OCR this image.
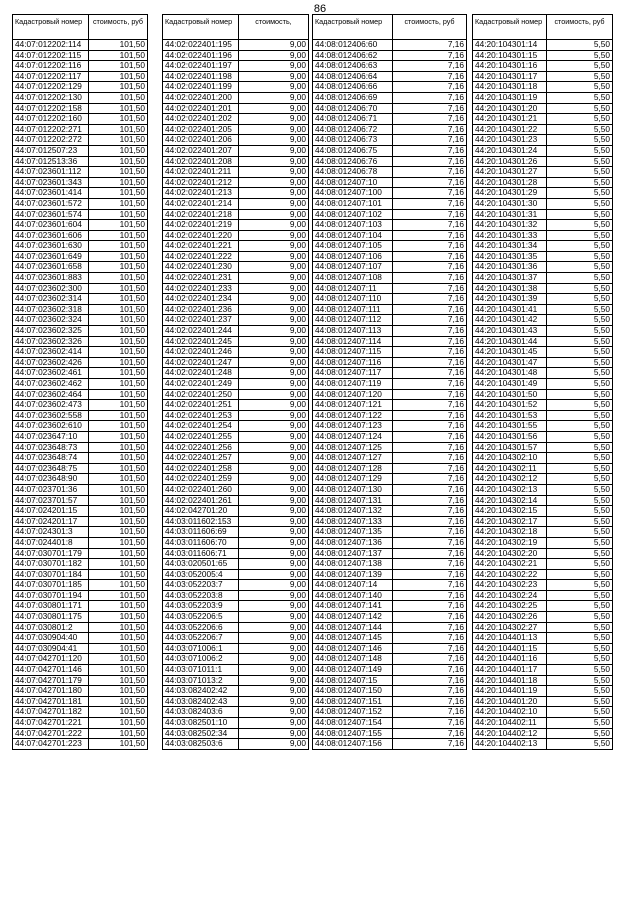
86
Кадастровый номер	стоимость, руб
44:07:012202:114	101,50
44:07:012202:115	101,50
44:07:012202:116	101,50
44:07:012202:117	101,50
44:07:012202:129	101,50
44:07:012202:130	101,50
44:07:012202:158	101,50
44:07:012202:160	101,50
44:07:012202:271	101,50
44:07:012202:272	101,50
44:07:012507:23	101,50
44:07:012513:36	101,50
44:07:023601:112	101,50
44:07:023601:343	101,50
44:07:023601:414	101,50
44:07:023601:572	101,50
44:07:023601:574	101,50
44:07:023601:604	101,50
44:07:023601:606	101,50
44:07:023601:630	101,50
44:07:023601:649	101,50
44:07:023601:658	101,50
44:07:023601:883	101,50
44:07:023602:300	101,50
44:07:023602:314	101,50
44:07:023602:318	101,50
44:07:023602:324	101,50
44:07:023602:325	101,50
44:07:023602:326	101,50
44:07:023602:414	101,50
44:07:023602:426	101,50
44:07:023602:461	101,50
44:07:023602:462	101,50
44:07:023602:464	101,50
44:07:023602:473	101,50
44:07:023602:558	101,50
44:07:023602:610	101,50
44:07:023647:10	101,50
44:07:023648:73	101,50
44:07:023648:74	101,50
44:07:023648:75	101,50
44:07:023648:90	101,50
44:07:023701:36	101,50
44:07:023701:57	101,50
44:07:024201:15	101,50
44:07:024201:17	101,50
44:07:024301:3	101,50
44:07:024401:8	101,50
44:07:030701:179	101,50
44:07:030701:182	101,50
44:07:030701:184	101,50
44:07:030701:185	101,50
44:07:030701:194	101,50
44:07:030801:171	101,50
44:07:030801:175	101,50
44:07:030801:2	101,50
44:07:030904:40	101,50
44:07:030904:41	101,50
44:07:042701:120	101,50
44:07:042701:146	101,50
44:07:042701:179	101,50
44:07:042701:180	101,50
44:07:042701:181	101,50
44:07:042701:182	101,50
44:07:042701:221	101,50
44:07:042701:222	101,50
44:07:042701:223	101,50
Кадастровый номер	стоимость,
44:02:022401:195	9,00
44:02:022401:196	9,00
44:02:022401:197	9,00
44:02:022401:198	9,00
44:02:022401:199	9,00
44:02:022401:200	9,00
44:02:022401:201	9,00
44:02:022401:202	9,00
44:02:022401:205	9,00
44:02:022401:206	9,00
44:02:022401:207	9,00
44:02:022401:208	9,00
44:02:022401:211	9,00
44:02:022401:212	9,00
44:02:022401:213	9,00
44:02:022401:214	9,00
44:02:022401:218	9,00
44:02:022401:219	9,00
44:02:022401:220	9,00
44:02:022401:221	9,00
44:02:022401:222	9,00
44:02:022401:230	9,00
44:02:022401:231	9,00
44:02:022401:233	9,00
44:02:022401:234	9,00
44:02:022401:236	9,00
44:02:022401:237	9,00
44:02:022401:244	9,00
44:02:022401:245	9,00
44:02:022401:246	9,00
44:02:022401:247	9,00
44:02:022401:248	9,00
44:02:022401:249	9,00
44:02:022401:250	9,00
44:02:022401:251	9,00
44:02:022401:253	9,00
44:02:022401:254	9,00
44:02:022401:255	9,00
44:02:022401:256	9,00
44:02:022401:257	9,00
44:02:022401:258	9,00
44:02:022401:259	9,00
44:02:022401:260	9,00
44:02:022401:261	9,00
44:02:042701:20	9,00
44:03:011602:153	9,00
44:03:011606:69	9,00
44:03:011606:70	9,00
44:03:011606:71	9,00
44:03:020501:65	9,00
44:03:052005:4	9,00
44:03:052203:7	9,00
44:03:052203:8	9,00
44:03:052203:9	9,00
44:03:052206:5	9,00
44:03:052206:6	9,00
44:03:052206:7	9,00
44:03:071006:1	9,00
44:03:071006:2	9,00
44:03:071011:1	9,00
44:03:071013:2	9,00
44:03:082402:42	9,00
44:03:082402:43	9,00
44:03:082403:6	9,00
44:03:082501:10	9,00
44:03:082502:34	9,00
44:03:082503:6	9,00
Кадастровый номер	стоимость, руб
44:08:012406:60	7,16
44:08:012406:62	7,16
44:08:012406:63	7,16
44:08:012406:64	7,16
44:08:012406:66	7,16
44:08:012406:69	7,16
44:08:012406:70	7,16
44:08:012406:71	7,16
44:08:012406:72	7,16
44:08:012406:73	7,16
44:08:012406:75	7,16
44:08:012406:76	7,16
44:08:012406:78	7,16
44:08:012407:10	7,16
44:08:012407:100	7,16
44:08:012407:101	7,16
44:08:012407:102	7,16
44:08:012407:103	7,16
44:08:012407:104	7,16
44:08:012407:105	7,16
44:08:012407:106	7,16
44:08:012407:107	7,16
44:08:012407:108	7,16
44:08:012407:11	7,16
44:08:012407:110	7,16
44:08:012407:111	7,16
44:08:012407:112	7,16
44:08:012407:113	7,16
44:08:012407:114	7,16
44:08:012407:115	7,16
44:08:012407:116	7,16
44:08:012407:117	7,16
44:08:012407:119	7,16
44:08:012407:120	7,16
44:08:012407:121	7,16
44:08:012407:122	7,16
44:08:012407:123	7,16
44:08:012407:124	7,16
44:08:012407:125	7,16
44:08:012407:127	7,16
44:08:012407:128	7,16
44:08:012407:129	7,16
44:08:012407:130	7,16
44:08:012407:131	7,16
44:08:012407:132	7,16
44:08:012407:133	7,16
44:08:012407:135	7,16
44:08:012407:136	7,16
44:08:012407:137	7,16
44:08:012407:138	7,16
44:08:012407:139	7,16
44:08:012407:14	7,16
44:08:012407:140	7,16
44:08:012407:141	7,16
44:08:012407:142	7,16
44:08:012407:144	7,16
44:08:012407:145	7,16
44:08:012407:146	7,16
44:08:012407:148	7,16
44:08:012407:149	7,16
44:08:012407:15	7,16
44:08:012407:150	7,16
44:08:012407:151	7,16
44:08:012407:152	7,16
44:08:012407:154	7,16
44:08:012407:155	7,16
44:08:012407:156	7,16
Кадастровый номер	стоимость, руб
44:20:104301:14	5,50
44:20:104301:15	5,50
44:20:104301:16	5,50
44:20:104301:17	5,50
44:20:104301:18	5,50
44:20:104301:19	5,50
44:20:104301:20	5,50
44:20:104301:21	5,50
44:20:104301:22	5,50
44:20:104301:23	5,50
44:20:104301:24	5,50
44:20:104301:26	5,50
44:20:104301:27	5,50
44:20:104301:28	5,50
44:20:104301:29	5,50
44:20:104301:30	5,50
44:20:104301:31	5,50
44:20:104301:32	5,50
44:20:104301:33	5,50
44:20:104301:34	5,50
44:20:104301:35	5,50
44:20:104301:36	5,50
44:20:104301:37	5,50
44:20:104301:38	5,50
44:20:104301:39	5,50
44:20:104301:41	5,50
44:20:104301:42	5,50
44:20:104301:43	5,50
44:20:104301:44	5,50
44:20:104301:45	5,50
44:20:104301:47	5,50
44:20:104301:48	5,50
44:20:104301:49	5,50
44:20:104301:50	5,50
44:20:104301:52	5,50
44:20:104301:53	5,50
44:20:104301:55	5,50
44:20:104301:56	5,50
44:20:104301:57	5,50
44:20:104302:10	5,50
44:20:104302:11	5,50
44:20:104302:12	5,50
44:20:104302:13	5,50
44:20:104302:14	5,50
44:20:104302:15	5,50
44:20:104302:17	5,50
44:20:104302:18	5,50
44:20:104302:19	5,50
44:20:104302:20	5,50
44:20:104302:21	5,50
44:20:104302:22	5,50
44:20:104302:23	5,50
44:20:104302:24	5,50
44:20:104302:25	5,50
44:20:104302:26	5,50
44:20:104302:27	5,50
44:20:104401:13	5,50
44:20:104401:15	5,50
44:20:104401:16	5,50
44:20:104401:17	5,50
44:20:104401:18	5,50
44:20:104401:19	5,50
44:20:104401:20	5,50
44:20:104402:10	5,50
44:20:104402:11	5,50
44:20:104402:12	5,50
44:20:104402:13	5,50
